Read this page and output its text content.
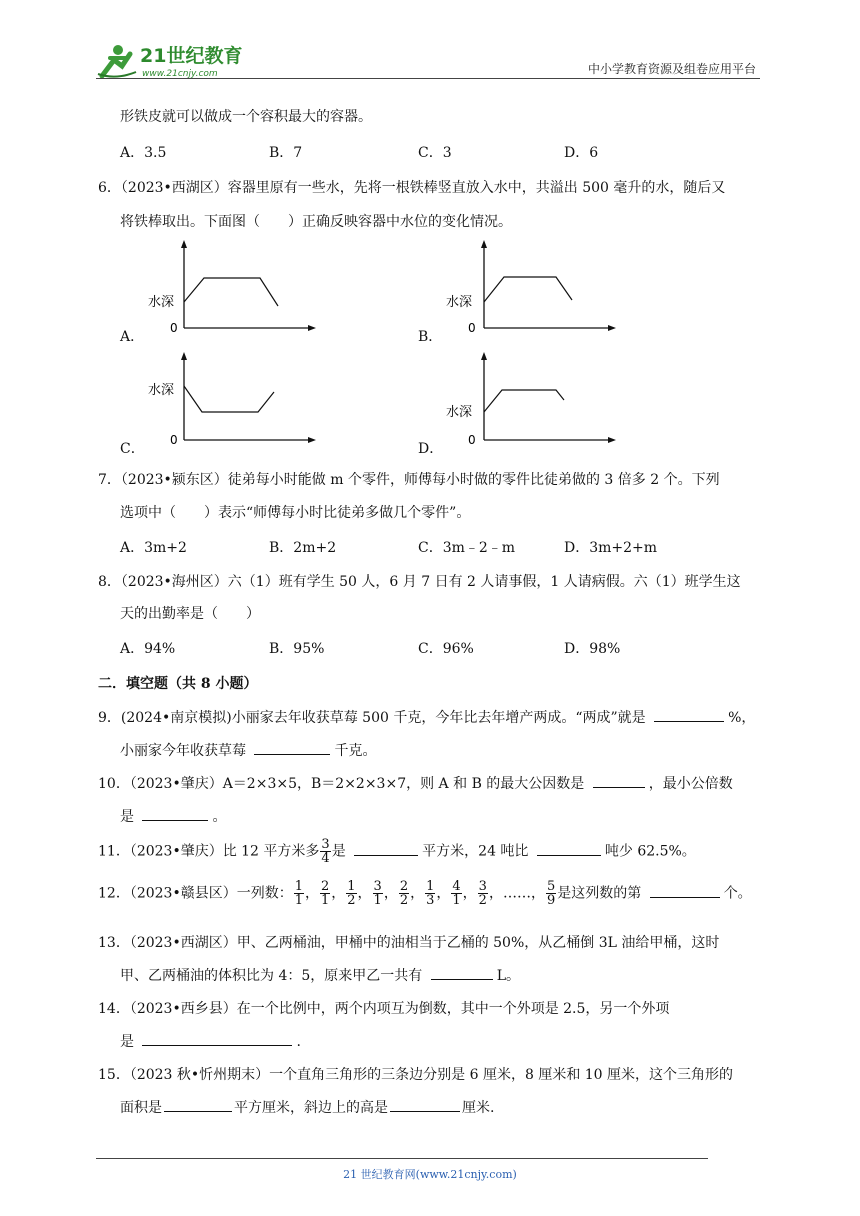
21世纪教育
www.21cnjy.com	中小学教育资源及组卷应用平台
形铁皮就可以做成一个容积最大的容器。
A．3.5	B．7	C．3	D．6
6．（2023•西湖区）容器里原有一些水，先将一根铁棒竖直放入水中，共溢出 500 毫升的水，随后又
将铁棒取出。下面图（　　）正确反映容器中水位的变化情况。
水深
0
A．
水深
0
B．
水深
0
C．
水深
0
D．
7．（2023•颍东区）徒弟每小时能做 m 个零件，师傅每小时做的零件比徒弟做的 3 倍多 2 个。下列
选项中（　　）表示“师傅每小时比徒弟多做几个零件”。
A．3m+2	B．2m+2	C．3m﹣2﹣m	D．3m+2+m
8．（2023•海州区）六（1）班有学生 50 人，6 月 7 日有 2 人请事假，1 人请病假。六（1）班学生这
天的出勤率是（　　）
A．94%	B．95%	C．96%	D．98%
二．填空题（共 8 小题）
9．(2024•南京模拟)小丽家去年收获草莓 500 千克，今年比去年增产两成。“两成”就是	%，
小丽家今年收获草莓	千克。
10．（2023•肇庆）A＝2×3×5，B＝2×2×3×7，则 A 和 B 的最大公因数是	，最小公倍数
是	。
11．（2023•肇庆）比 12 平方米多 $\frac{3}{4}$ 是	平方米，24 吨比	吨少 62.5%。
12．（2023•赣县区）一列数： $\frac{1}{1}$ ， $\frac{2}{1}$ ， $\frac{1}{2}$ ， $\frac{3}{1}$ ， $\frac{2}{2}$ ， $\frac{1}{3}$ ， $\frac{4}{1}$ ， $\frac{3}{2}$ ，……， $\frac{5}{9}$ 是这列数的第	个。
13．（2023•西湖区）甲、乙两桶油，甲桶中的油相当于乙桶的 50%，从乙桶倒 3L 油给甲桶，这时
甲、乙两桶油的体积比为 4：5，原来甲乙一共有	L。
14．（2023•西乡县）在一个比例中，两个内项互为倒数，其中一个外项是 2.5，另一个外项
是	.
15．（2023 秋•忻州期末）一个直角三角形的三条边分别是 6 厘米，8 厘米和 10 厘米，这个三角形的
面积是	平方厘米，斜边上的高是	厘米.
21 世纪教育网(www.21cnjy.com)
